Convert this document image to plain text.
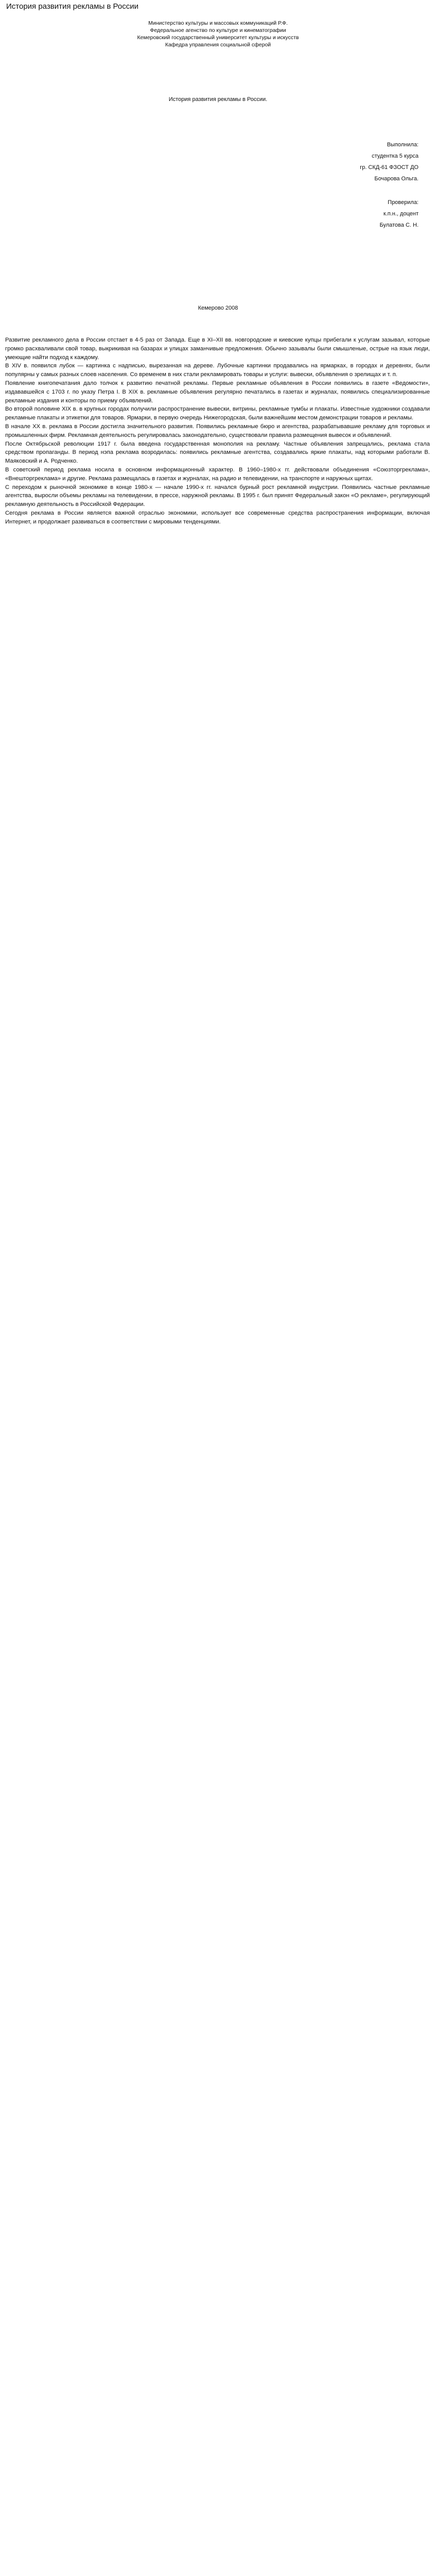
История развития рекламы в России
Министерство культуры и массовых коммуникаций Р.Ф.
Федеральное агенство по культуре и кинематографии
Кемеровский государственный университет культуры и искусств
Кафедра управления социальной сферой
История развития рекламы в России.
Выполнила:
студентка 5 курса
гр. СКД-61 ФЗОСТ ДО
Бочарова Ольга.
Проверила:
к.п.н., доцент
Булатова С. Н.
Кемерово 2008

Развитие рекламного дела в России отстает в 4-5 раз от Запада. Еще в XI–XII вв. новгородские и киевские купцы прибегали к услугам зазывал, которые громко расхваливали свой товар, выкрикивая на базарах и улицах заманчивые предложения. Обычно зазывалы были смышленые, острые на язык люди, умеющие найти подход к каждому.

В XIV в. появился лубок — картинка с надписью, вырезанная на дереве. Лубочные картинки продавались на ярмарках, в городах и деревнях, были популярны у самых разных слоев населения. Со временем в них стали рекламировать товары и услуги: вывески, объявления о зрелищах и т. п.

Появление книгопечатания дало толчок к развитию печатной рекламы. Первые рекламные объявления в России появились в газете «Ведомости», издававшейся с 1703 г. по указу Петра I. В XIX в. рекламные объявления регулярно печатались в газетах и журналах, появились специализированные рекламные издания и конторы по приему объявлений.

Во второй половине XIX в. в крупных городах получили распространение вывески, витрины, рекламные тумбы и плакаты. Известные художники создавали рекламные плакаты и этикетки для товаров. Ярмарки, в первую очередь Нижегородская, были важнейшим местом демонстрации товаров и рекламы.

В начале XX в. реклама в России достигла значительного развития. Появились рекламные бюро и агентства, разрабатывавшие рекламу для торговых и промышленных фирм. Рекламная деятельность регулировалась законодательно, существовали правила размещения вывесок и объявлений.

После Октябрьской революции 1917 г. была введена государственная монополия на рекламу. Частные объявления запрещались, реклама стала средством пропаганды. В период нэпа реклама возродилась: появились рекламные агентства, создавались яркие плакаты, над которыми работали В. Маяковский и А. Родченко.

В советский период реклама носила в основном информационный характер. В 1960–1980-х гг. действовали объединения «Союзторгреклама», «Внешторгреклама» и другие. Реклама размещалась в газетах и журналах, на радио и телевидении, на транспорте и наружных щитах.

С переходом к рыночной экономике в конце 1980-х — начале 1990-х гг. начался бурный рост рекламной индустрии. Появились частные рекламные агентства, выросли объемы рекламы на телевидении, в прессе, наружной рекламы. В 1995 г. был принят Федеральный закон «О рекламе», регулирующий рекламную деятельность в Российской Федерации.

Сегодня реклама в России является важной отраслью экономики, использует все современные средства распространения информации, включая Интернет, и продолжает развиваться в соответствии с мировыми тенденциями.
